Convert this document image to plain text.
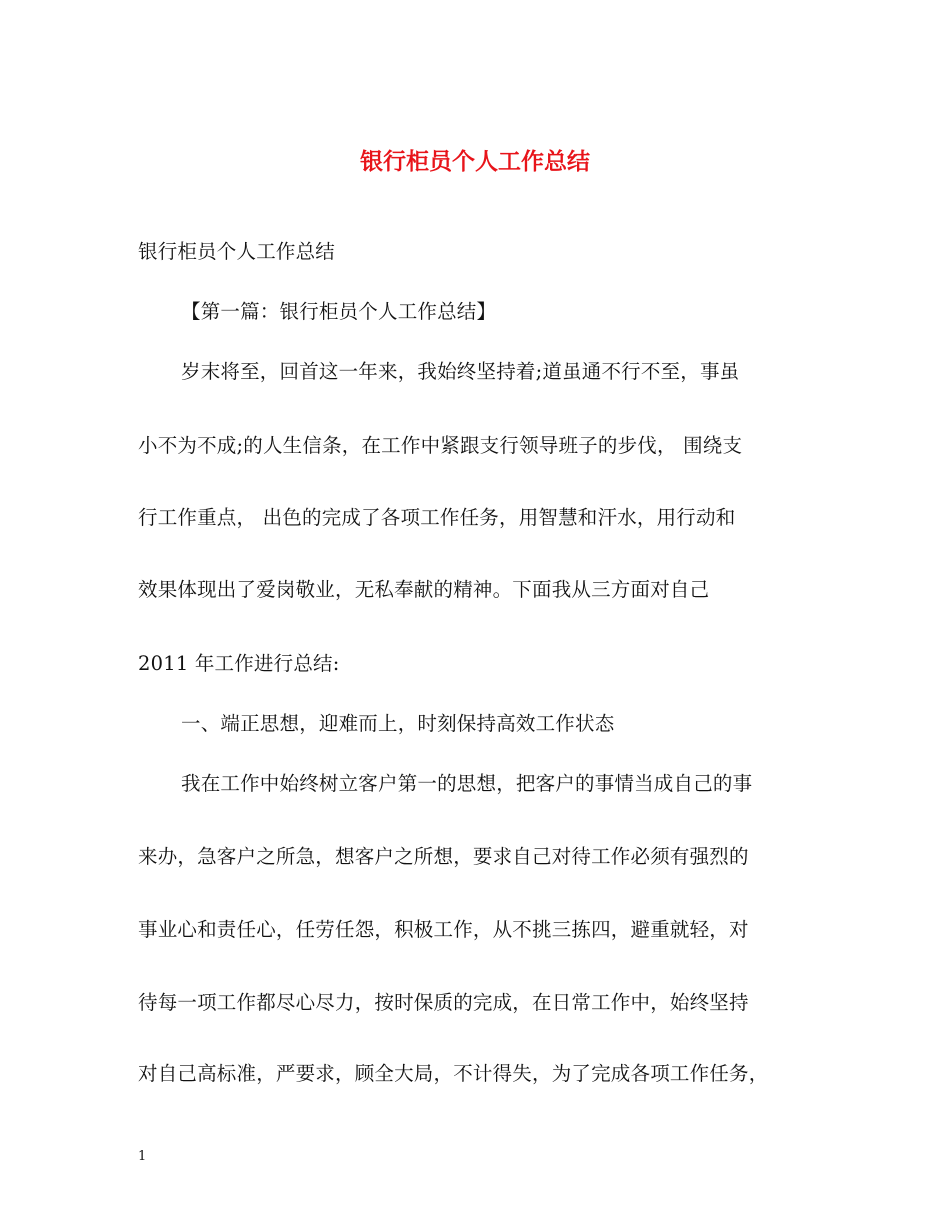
银行柜员个人工作总结
银行柜员个人工作总结
【第一篇：银行柜员个人工作总结】
岁末将至，回首这一年来，我始终坚持着;道虽通不行不至，事虽
小不为不成;的人生信条，在工作中紧跟支行领导班子的步伐， 围绕支
行工作重点， 出色的完成了各项工作任务，用智慧和汗水，用行动和
效果体现出了爱岗敬业，无私奉献的精神。下面我从三方面对自己
2011 年工作进行总结:
一、端正思想，迎难而上，时刻保持高效工作状态
我在工作中始终树立客户第一的思想，把客户的事情当成自己的事
来办，急客户之所急，想客户之所想，要求自己对待工作必须有强烈的
事业心和责任心，任劳任怨，积极工作，从不挑三拣四，避重就轻，对
待每一项工作都尽心尽力，按时保质的完成，在日常工作中，始终坚持
对自己高标准，严要求，顾全大局，不计得失，为了完成各项工作任务，
1
